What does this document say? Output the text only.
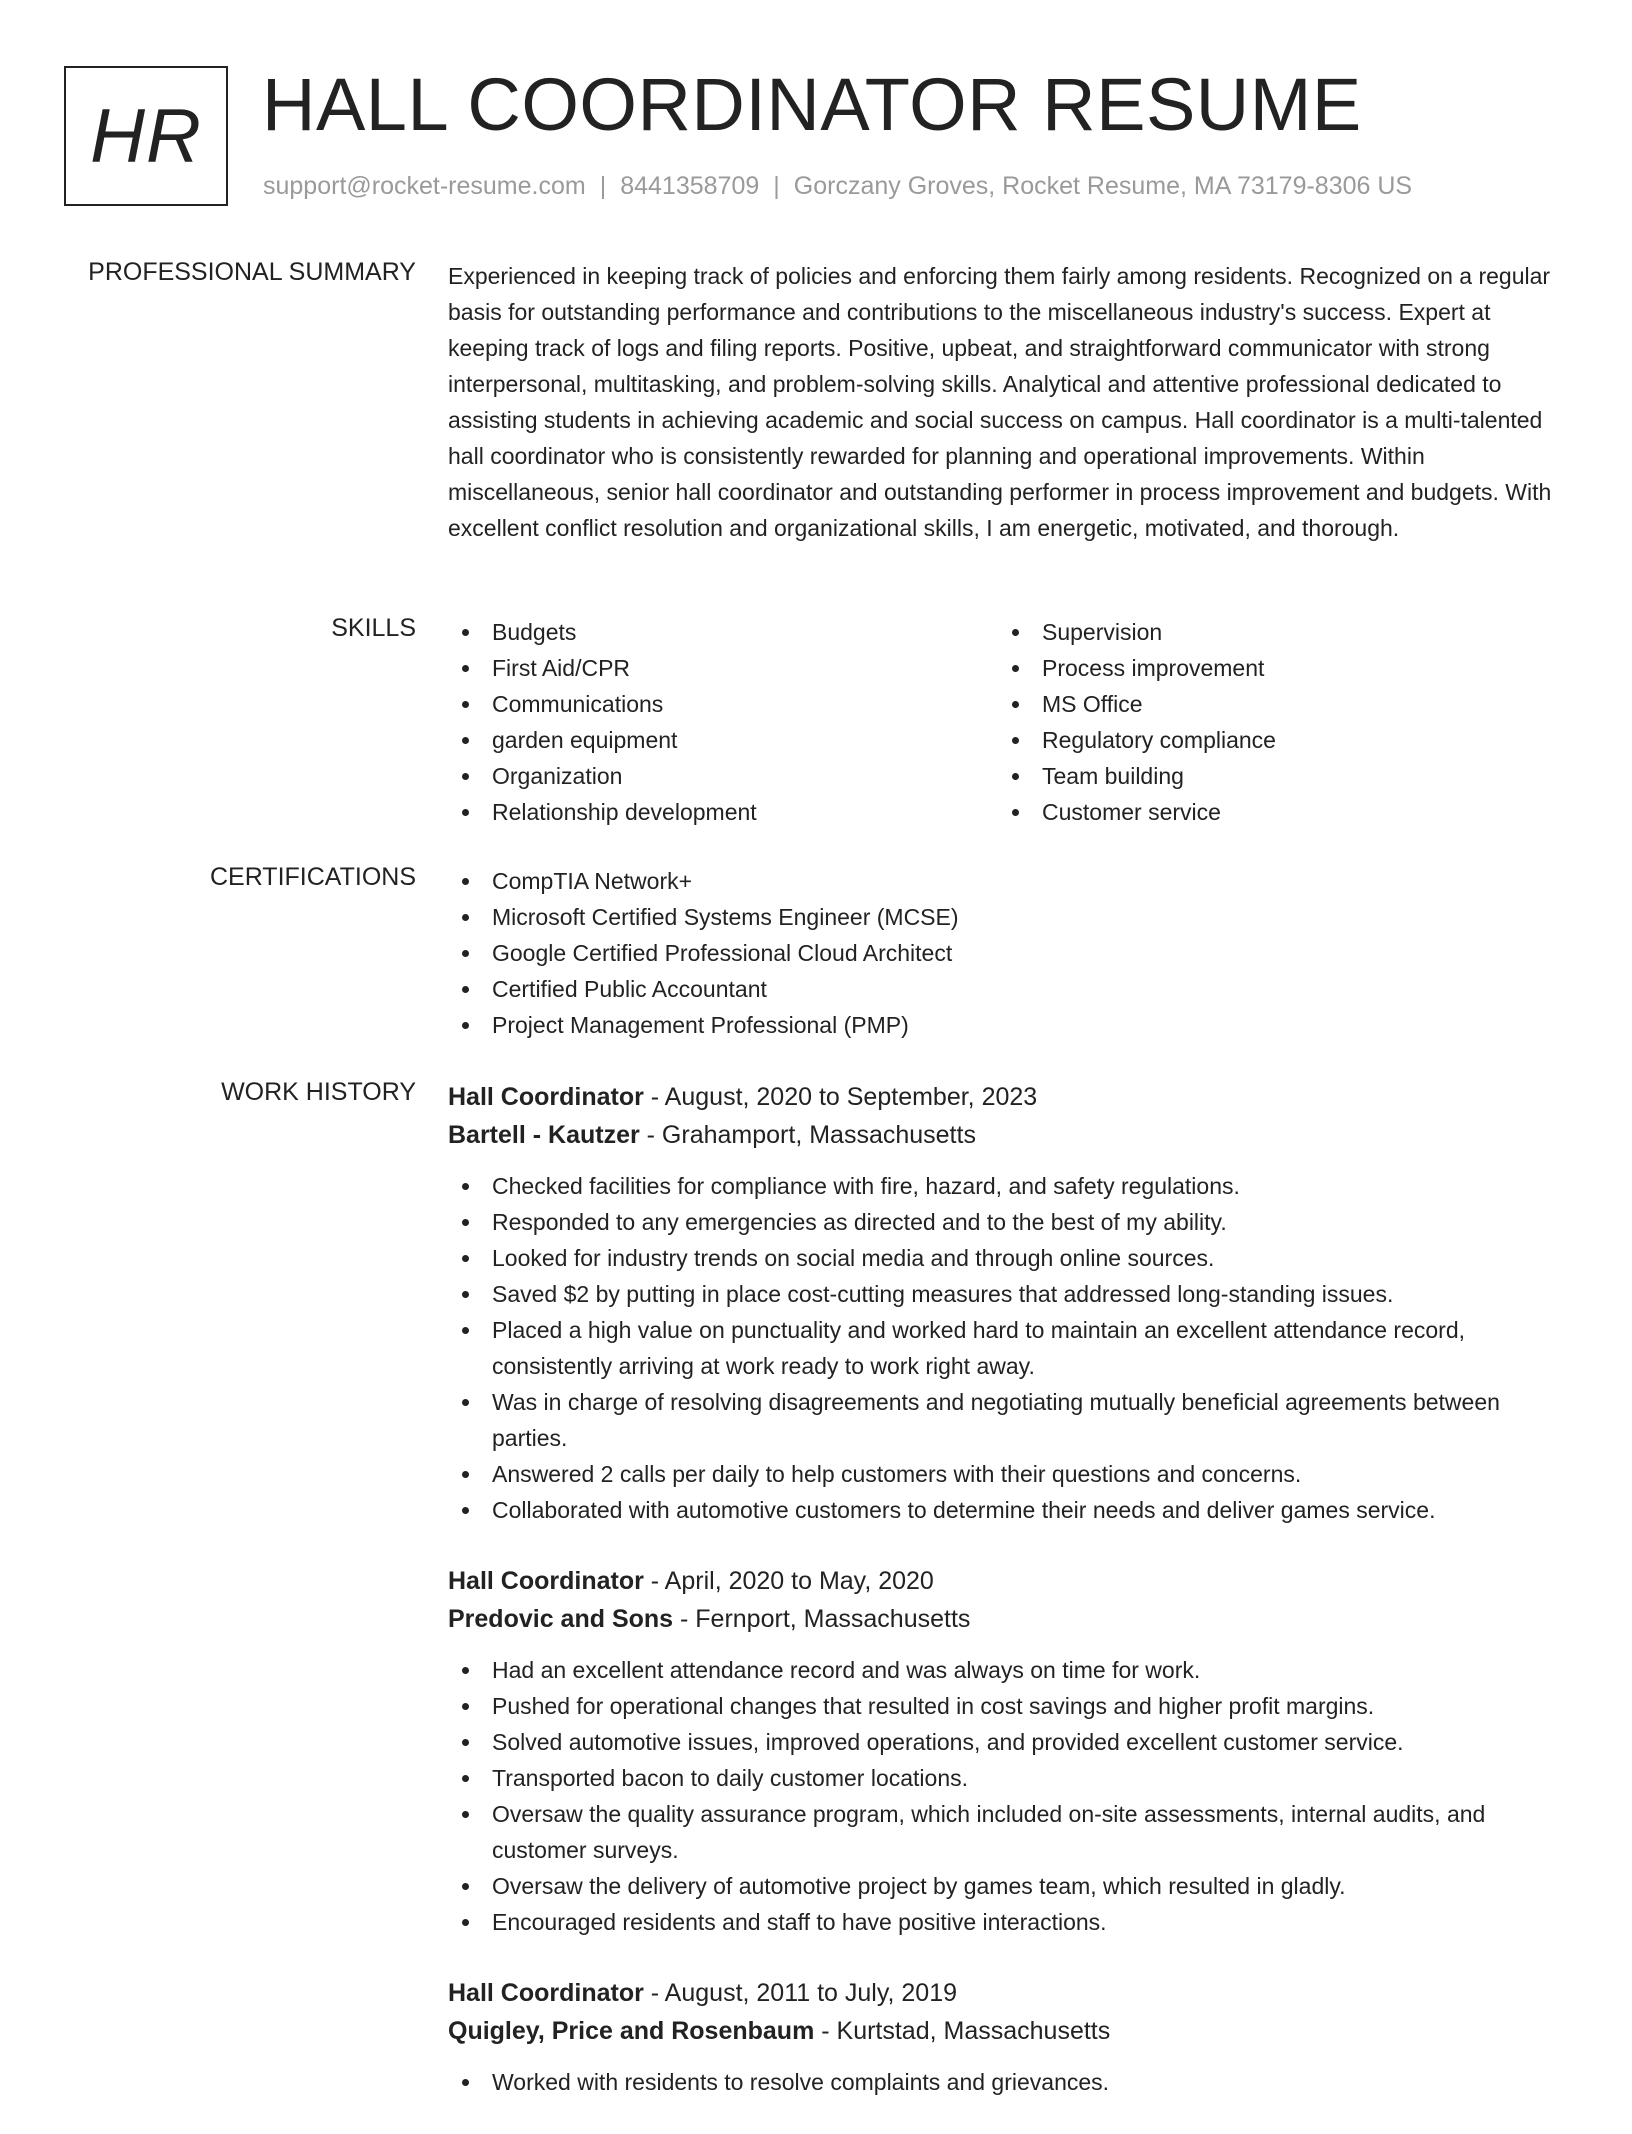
HR HALL COORDINATOR RESUME
support@rocket-resume.com | 8441358709 | Gorczany Groves, Rocket Resume, MA 73179-8306 US
PROFESSIONAL SUMMARY Experienced in keeping track of policies and enforcing them fairly among residents. Recognized on a regular basis for outstanding performance and contributions to the miscellaneous industry's success. Expert at keeping track of logs and filing reports. Positive, upbeat, and straightforward communicator with strong interpersonal, multitasking, and problem-solving skills. Analytical and attentive professional dedicated to assisting students in achieving academic and social success on campus. Hall coordinator is a multi-talented hall coordinator who is consistently rewarded for planning and operational improvements. Within miscellaneous, senior hall coordinator and outstanding performer in process improvement and budgets. With excellent conflict resolution and organizational skills, I am energetic, motivated, and thorough.

SKILLS	Budgets
First Aid/CPR
Communications
garden equipment
Organization
Relationship development
Supervision
Process improvement
MS Office
Regulatory compliance
Team building
Customer service
CERTIFICATIONS	CompTIA Network+
Microsoft Certified Systems Engineer (MCSE)
Google Certified Professional Cloud Architect
Certified Public Accountant
Project Management Professional (PMP)
WORK HISTORY Hall Coordinator - August, 2020 to September, 2023
Bartell - Kautzer - Grahamport, Massachusetts
Checked facilities for compliance with fire, hazard, and safety regulations.
Responded to any emergencies as directed and to the best of my ability.
Looked for industry trends on social media and through online sources.
Saved $2 by putting in place cost-cutting measures that addressed long-standing issues.
Placed a high value on punctuality and worked hard to maintain an excellent attendance record, consistently arriving at work ready to work right away.
Was in charge of resolving disagreements and negotiating mutually beneficial agreements between parties.
Answered 2 calls per daily to help customers with their questions and concerns.
Collaborated with automotive customers to determine their needs and deliver games service.
Hall Coordinator - April, 2020 to May, 2020
Predovic and Sons - Fernport, Massachusetts
Had an excellent attendance record and was always on time for work.
Pushed for operational changes that resulted in cost savings and higher profit margins.
Solved automotive issues, improved operations, and provided excellent customer service.
Transported bacon to daily customer locations.
Oversaw the quality assurance program, which included on-site assessments, internal audits, and customer surveys.
Oversaw the delivery of automotive project by games team, which resulted in gladly.
Encouraged residents and staff to have positive interactions.
Hall Coordinator - August, 2011 to July, 2019
Quigley, Price and Rosenbaum - Kurtstad, Massachusetts
Worked with residents to resolve complaints and grievances.
